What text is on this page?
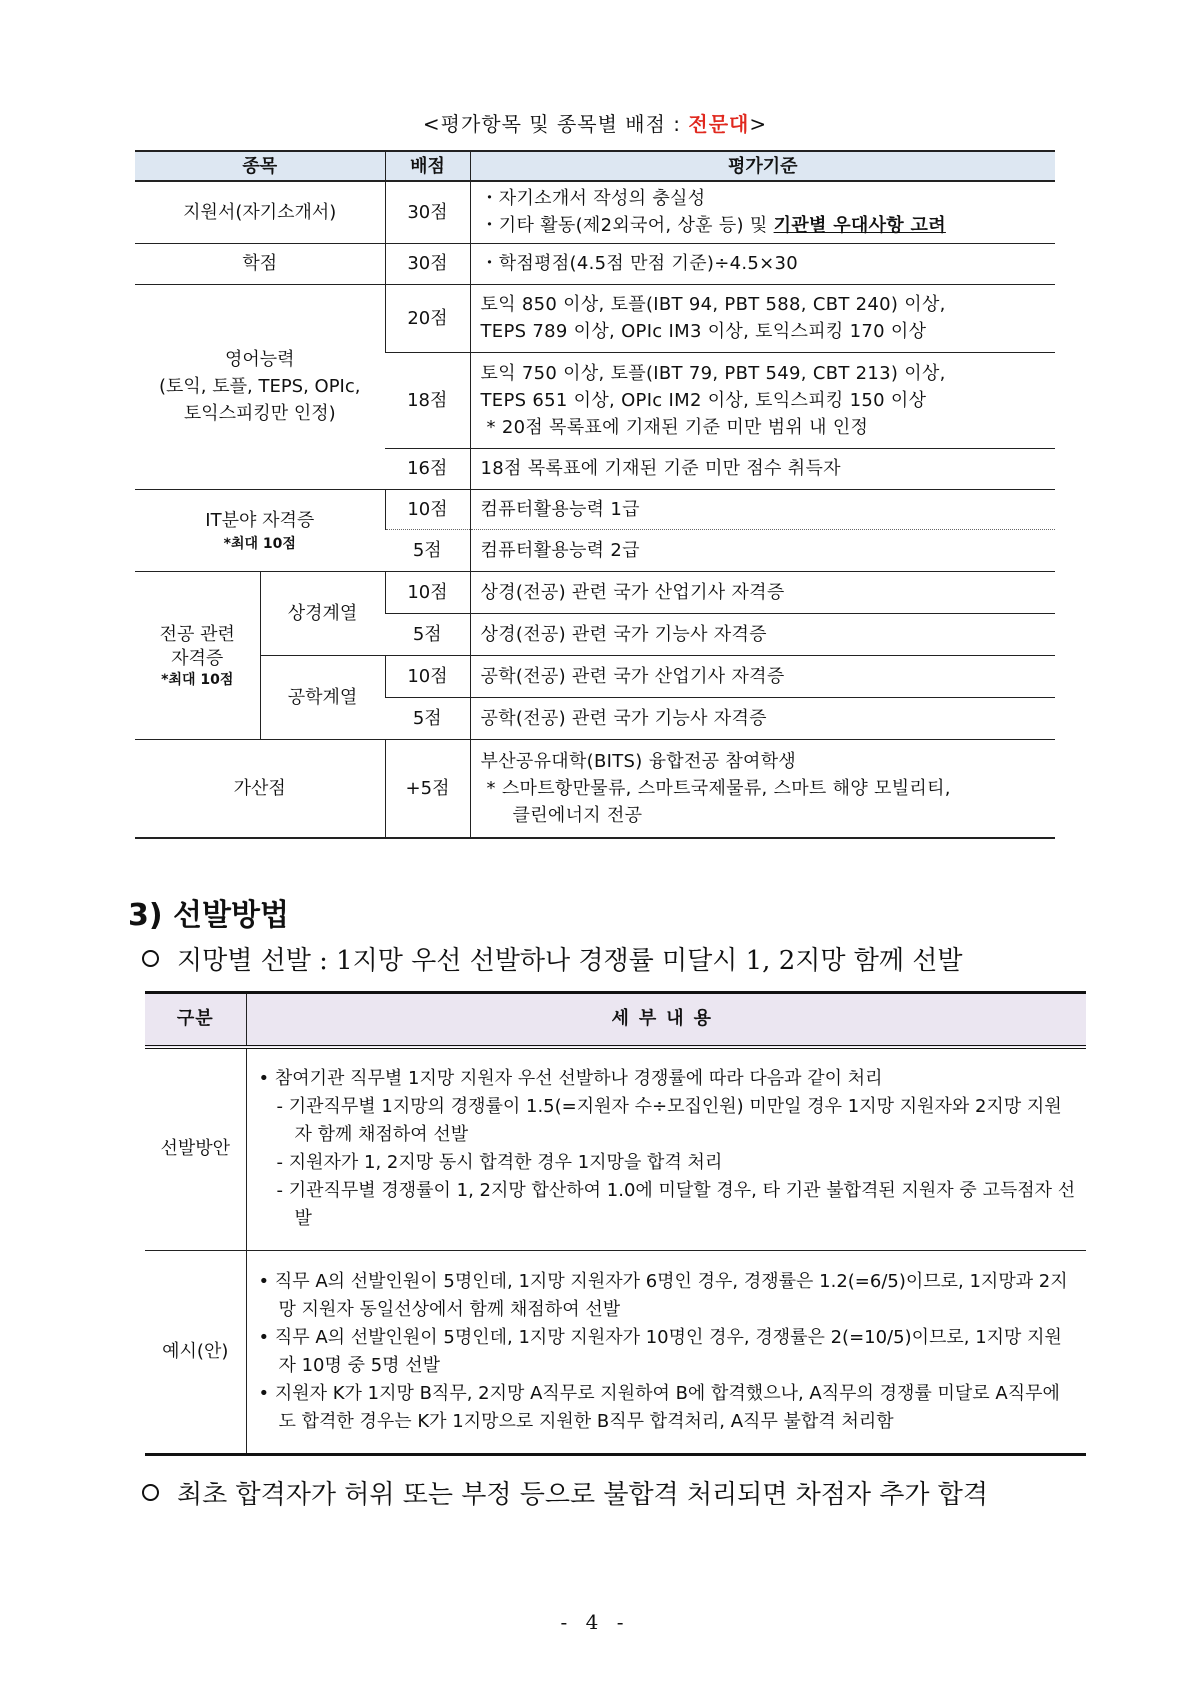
<평가항목 및 종목별 배점 : 전문대>
종목		배점	평가기준
지원서(자기소개서)		30점	・자기소개서 작성의 충실성
・기타 활동(제2외국어, 상훈 등) 및 기관별 우대사항 고려

학점		30점	・학점평점(4.5점 만점 기준)÷4.5×30

영어능력
(토익, 토플, TEPS, OPIc,
토익스피킹만 인정)		20점	토익 850 이상, 토플(IBT 94, PBT 588, CBT 240) 이상,
TEPS 789 이상, OPIc IM3 이상, 토익스피킹 170 이상

		18점	토익 750 이상, 토플(IBT 79, PBT 549, CBT 213) 이상,
TEPS 651 이상, OPIc IM2 이상, 토익스피킹 150 이상
* 20점 목록표에 기재된 기준 미만 범위 내 인정

		16점	18점 목록표에 기재된 기준 미만 점수 취득자

IT분야 자격증
*최대 10점		10점	컴퓨터활용능력 1급
		5점	컴퓨터활용능력 2급

전공 관련
자격증
*최대 10점	상경계열	10점	상경(전공) 관련 국가 산업기사 자격증
		5점	상경(전공) 관련 국가 기능사 자격증
	공학계열	10점	공학(전공) 관련 국가 산업기사 자격증
		5점	공학(전공) 관련 국가 기능사 자격증
가산점		+5점	부산공유대학(BITS) 융합전공 참여학생
* 스마트항만물류, 스마트국제물류, 스마트 해양 모빌리티,
클린에너지 전공
3) 선발방법
지망별 선발 : 1지망 우선 선발하나 경쟁률 미달시 1, 2지망 함께 선발
구분	세부내용
선발방안	• 참여기관 직무별 1지망 지원자 우선 선발하나 경쟁률에 따라 다음과 같이 처리
- 기관직무별 1지망의 경쟁률이 1.5(=지원자 수÷모집인원) 미만일 경우 1지망 지원자와 2지망 지원자 함께 채점하여 선발
- 지원자가 1, 2지망 동시 합격한 경우 1지망을 합격 처리
- 기관직무별 경쟁률이 1, 2지망 합산하여 1.0에 미달할 경우, 타 기관 불합격된 지원자 중 고득점자 선발

예시(안)	• 직무 A의 선발인원이 5명인데, 1지망 지원자가 6명인 경우, 경쟁률은 1.2(=6/5)이므로, 1지망과 2지망 지원자 동일선상에서 함께 채점하여 선발
• 직무 A의 선발인원이 5명인데, 1지망 지원자가 10명인 경우, 경쟁률은 2(=10/5)이므로, 1지망 지원자 10명 중 5명 선발
• 지원자 K가 1지망 B직무, 2지망 A직무로 지원하여 B에 합격했으나, A직무의 경쟁률 미달로 A직무에도 합격한 경우는 K가 1지망으로 지원한 B직무 합격처리, A직무 불합격 처리함
최초 합격자가 허위 또는 부정 등으로 불합격 처리되면 차점자 추가 합격
- 4 -
